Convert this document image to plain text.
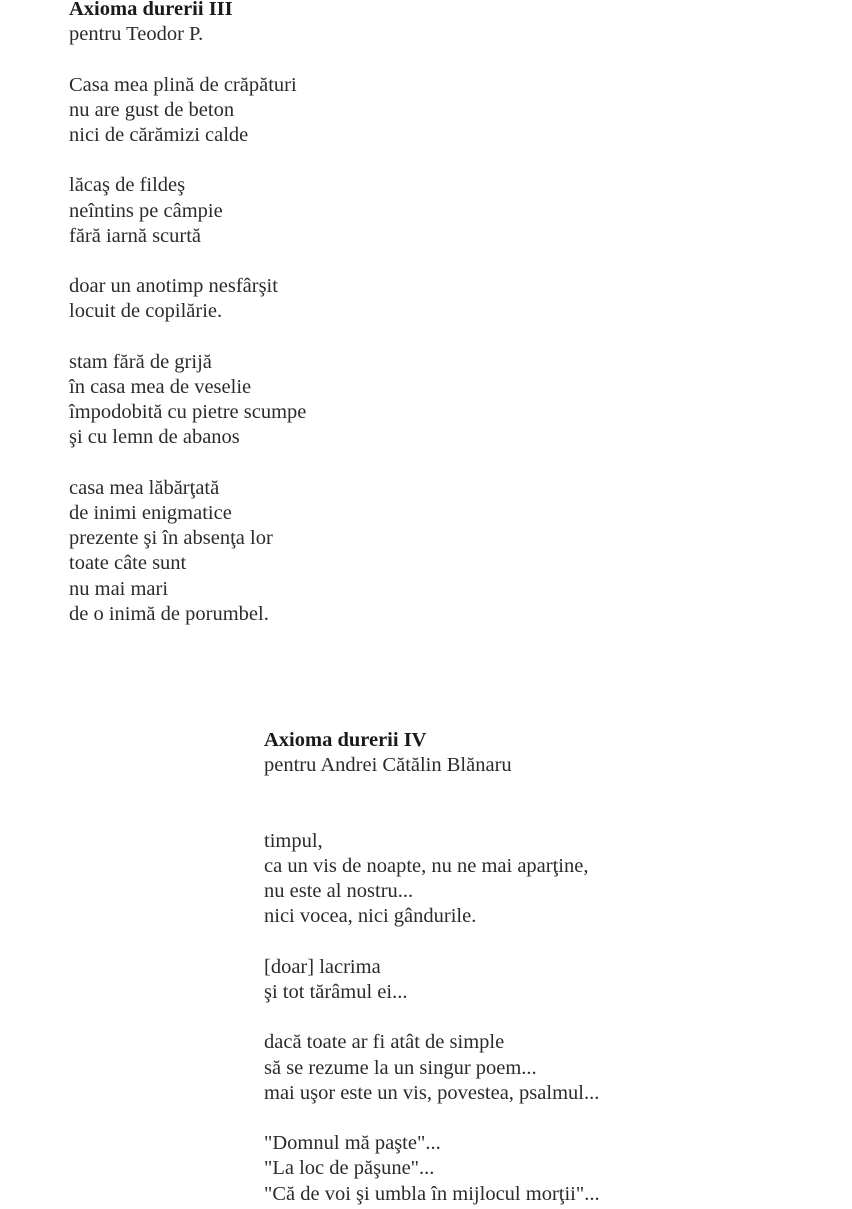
Axioma durerii III
pentru Teodor P.
Casa mea plină de crăpături
nu are gust de beton
nici de cărămizi calde
lăcaş de fildeş
neîntins pe câmpie
fără iarnă scurtă
doar un anotimp nesfârşit
locuit de copilărie.
stam fără de grijă
în casa mea de veselie
împodobită cu pietre scumpe
şi cu lemn de abanos
casa mea lăbărţată
de inimi enigmatice
prezente şi în absenţa lor
toate câte sunt
nu mai mari
de o inimă de porumbel.
Axioma durerii IV
pentru Andrei Cătălin Blănaru
timpul,
ca un vis de noapte, nu ne mai aparţine,
nu este al nostru...
nici vocea, nici gândurile.
[doar] lacrima
şi tot tărâmul ei...
dacă toate ar fi atât de simple
să se rezume la un singur poem...
mai uşor este un vis, povestea, psalmul...
"Domnul mă paşte"...
"La loc de păşune"...
"Că de voi şi umbla în mijlocul morţii"...
